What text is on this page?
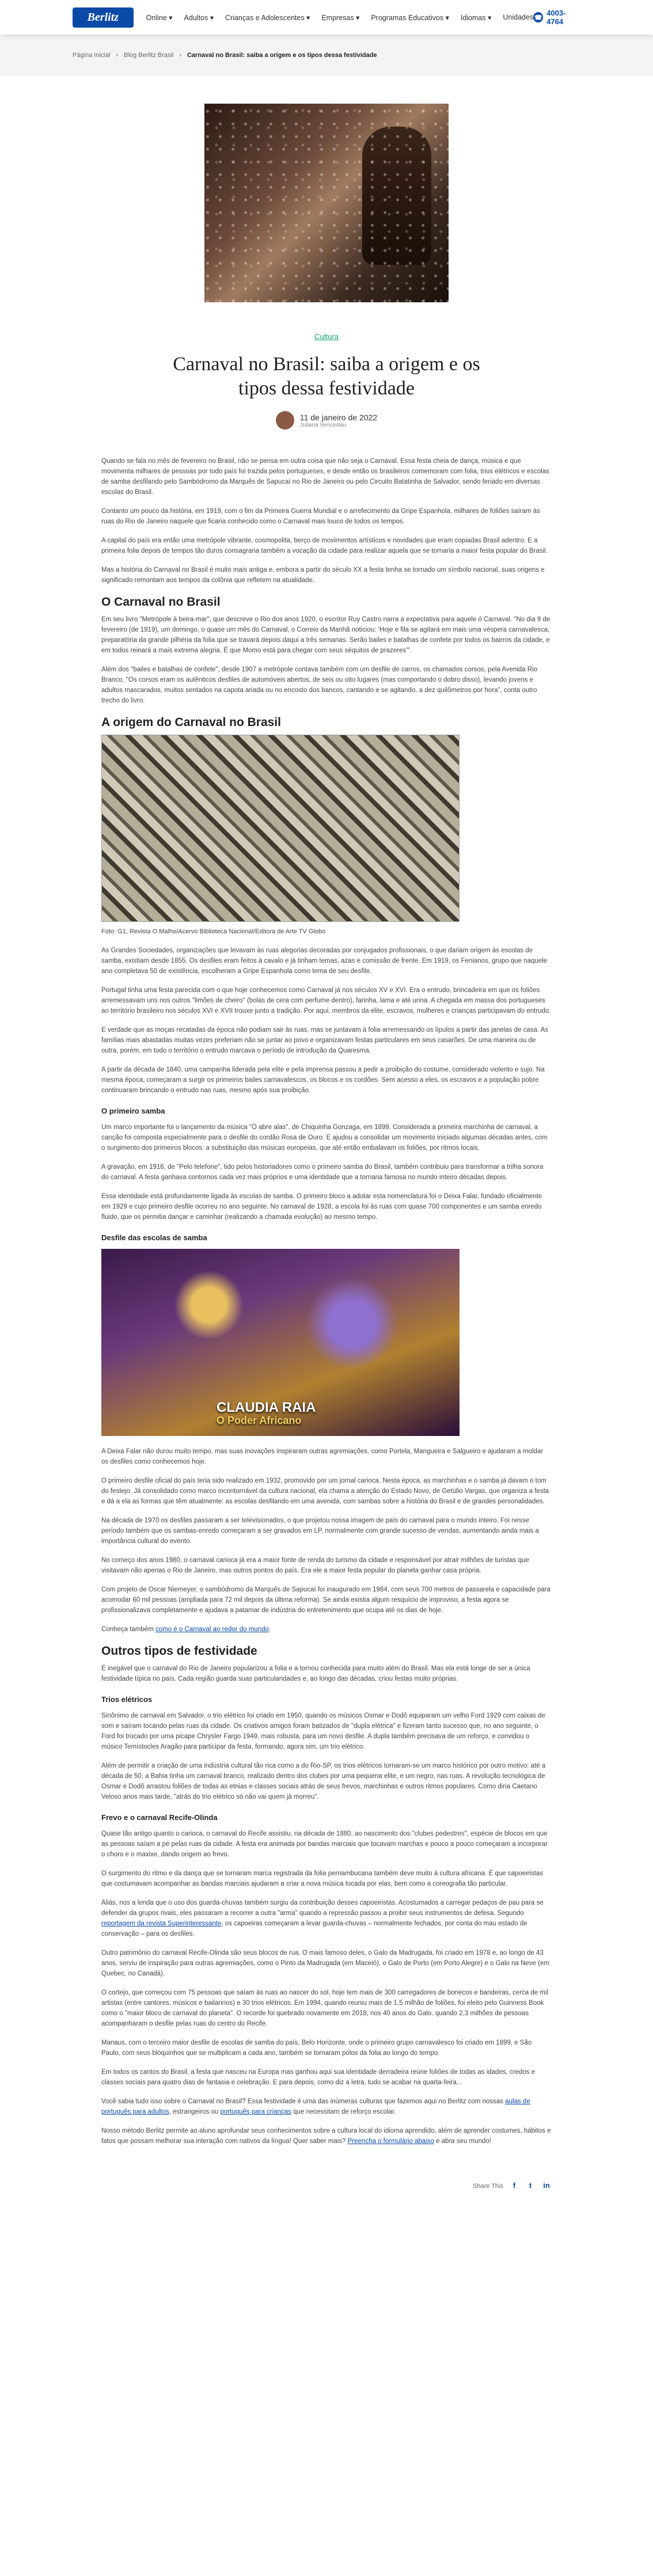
Berlitz	Online ▾ Adultos ▾ Crianças e Adolescentes ▾ Empresas ▾ Programas Educativos ▾ Idiomas ▾ Unidades ☎
4003-4764
Página Inicial › Blog Berlitz Brasil › Carnaval no Brasil: saiba a origem e os tipos dessa festividade
Cultura
Carnaval no Brasil: saiba a origem e os tipos dessa festividade
11 de janeiro de 2022
Juliana Venceslau

Quando se fala no mês de fevereiro no Brasil, não se pensa em outra coisa que não seja o Carnaval. Essa festa cheia de dança, música e que movimenta milhares de pessoas por todo país foi trazida pelos portugueses, e desde então os brasileiros comemoram com folia, trios elétricos e escolas de samba desfilando pelo Sambódromo da Marquês de Sapucaí no Rio de Janeiro ou pelo Circuito Batatinha de Salvador, sendo feriado em diversas escolas do Brasil.

Contanto um pouco da história, em 1919, com o fim da Primeira Guerra Mundial e o arrefecimento da Gripe Espanhola, milhares de foliões saíram às ruas do Rio de Janeiro naquele que ficaria conhecido como o Carnaval mais louco de todos os tempos.

A capital do país era então uma metrópole vibrante, cosmopolita, berço de movimentos artísticos e novidades que eram copiadas Brasil adentro. E a primeira folia depois de tempos tão duros consagraria também a vocação da cidade para realizar aquela que se tornaria a maior festa popular do Brasil.

Mas a história do Carnaval no Brasil é muito mais antiga e, embora a partir do século XX a festa tenha se tornado um símbolo nacional, suas origens e significado remontam aos tempos da colônia que refletem na atualidade.

O Carnaval no Brasil

Em seu livro "Metrópole à beira-mar", que descreve o Rio dos anos 1920, o escritor Ruy Castro narra a expectativa para aquele ó Carnaval. "No dia 9 de fevereiro (de 1919), um domingo, o quase um mês do Carnaval, o Correio da Manhã noticiou: 'Hoje e fila se agitará em mais uma véspera carnavalesca, preparatória da grande pilhéria da folia que se travará depois daqui a três semanas. Serão bailes e batalhas de confete por todos os bairros da cidade, e em todos reinará a mais extrema alegria. É que Momo está para chegar com seus séquitos de prazeres'".

Além dos "bailes e batalhas de confete", desde 1907 a metrópole contava também com um desfile de carros, os chamados corsos, pela Avenida Rio Branco. "Os corsos eram os autênticos desfiles de automóveis abertos, de seis ou oito lugares (mas comportando o dobro disso), levando jovens e adultos mascarados, muitos sentados na capota ariada ou no encosto dos bancos, cantando e se agitando, a dez quilômetros por hora", conta outro trecho do livro.

A origem do Carnaval no Brasil

Foto: G1, Revista O Malho/Acervo Biblioteca Nacional/Editora de Arte TV Globo

As Grandes Sociedades, organizações que levavam às ruas alegorias decoradas por conjugados profissionais, o que dariam origem às escolas de samba, existiam desde 1855. Os desfiles eram feitos à cavalo e já tinham temas, azas e comissão de frente. Em 1919, os Fenianos, grupo que naquele ano completava 50 de existência, escolheram a Gripe Espanhola como tema de seu desfile.

Portugal tinha uma festa parecida com o que hoje conhecemos como Carnaval já nos séculos XV e XVI. Era o entrudo, brincadeira em que os foliões arremessavam uns nos outros "limões de cheiro" (bolas de cera com perfume dentro), farinha, lama e até urina. A chegada em massa dos portugueses ao território brasileiro nos séculos XVI e XVII trouxe junto a tradição. Por aqui, membros da elite, escravos, mulheres e crianças participavam do entrudo.

E verdade que as moças recatadas da época não podiam sair às ruas, mas se juntavam à folia arremessando os lípulos a partir das janelas de casa. As famílias mais abastadas muitas vezes preferiam não se juntar ao povo e organizavam festas particulares em seus casarões. De uma maneira ou de outra, porém, em todo o território o entrudo marcava o período de introdução da Quaresma.

A partir da década de 1840, uma campanha liderada pela elite e pela imprensa passou a pedir a proibição do costume, considerado violento e sujo. Na mesma época, começaram a surgir os primeiros bailes carnavalescos, os blocos e os cordões. Sem acesso a eles, os escravos e a população pobre continuaram brincando o entrudo nas ruas, mesmo após sua proibição.

O primeiro samba

Um marco importante foi o lançamento da música "Ó abre alas", de Chiquinha Gonzaga, em 1899. Considerada a primeira marchinha de carnaval, a canção foi composta especialmente para o desfile do cordão Rosa de Ouro. E ajudou a consolidar um movimento iniciado algumas décadas antes, com o surgimento dos primeiros blocos: a substituição das músicas europeias, que até então embalavam os foliões, por ritmos locais.

A gravação, em 1916, de "Pelo telefone", tido pelos historiadores como o primeiro samba do Brasil, também contribuiu para transformar a trilha sonora do carnaval. A festa ganhava contornos cada vez mais próprios e uma identidade que a tornaria famosa no mundo inteiro décadas depois.

Essa identidade está profundamente ligada às escolas de samba. O primeiro bloco a adotar esta nomenclatura foi o Deixa Falar, fundado oficialmente em 1929 e cujo primeiro desfile ocorreu no ano seguinte. No carnaval de 1928, a escola foi às ruas com quase 700 componentes e um samba enredo fluido, que os permitia dançar e caminhar (realizando a chamada evolução) ao mesmo tempo.

Desfile das escolas de samba
CLAUDIA RAIA
O Poder Africano

A Deixa Falar não durou muito tempo, mas suas inovações inspiraram outras agremiações, como Portela, Mangueira e Salgueiro e ajudaram a moldar os desfiles como conhecemos hoje.

O primeiro desfile oficial do país teria sido realizado em 1932, promovido por um jornal carioca. Nesta época, as marchinhas e o samba já davam o tom do festejo. Já consolidado como marco incontornável da cultura nacional, ela chama a atenção do Estado Novo, de Getúlio Vargas, que organiza a festa e dá a ela as formas que têm atualmente: as escolas desfilando em uma avenida, com sambas sobre a história do Brasil e de grandes personalidades.

Na década de 1970 os desfiles passaram a ser televisionados, o que projetou nossa imagem de país do carnaval para o mundo inteiro. Foi nesse período também que os sambas-enredo começaram a ser gravados em LP, normalmente com grande sucesso de vendas, aumentando ainda mais a importância cultural do evento.

No começo dos anos 1980, o carnaval carioca já era a maior fonte de renda do turismo da cidade e responsável por atrair milhões de turistas que visitavam não apenas o Rio de Janeiro, mas outros pontos do país. Era ele a maior festa popular do planeta ganhar casa própria.

Com projeto de Oscar Niemeyer, o sambódromo da Marquês de Sapucaí foi inaugurado em 1984, com seus 700 metros de passarela e capacidade para acomodar 60 mil pessoas (ampliada para 72 mil depois da última reforma). Se ainda existia algum resquício de improviso, a festa agora se profissionalizava completamente e ajudava a patamar de indústria do entretenimento que ocupa até os dias de hoje.

Conheça também como é o Carnaval ao redor do mundo.

Outros tipos de festividade

É inegável que o carnaval do Rio de Janeiro popularizou a folia e a tornou conhecida para muito além do Brasil. Mas ela está longe de ser a única festividade típica no país. Cada região guarda suas particularidades e, ao longo das décadas, criou festas muito próprias.

Trios elétricos

Sinônimo de carnaval em Salvador, o trio elétrico foi criado em 1950, quando os músicos Osmar e Dodô equiparam um velho Ford 1929 com caixas de som e saíram tocando pelas ruas da cidade. Os criativos amigos foram batizados de "dupla elétrica" e fizeram tanto sucesso que, no ano seguinte, o Ford foi trocado por uma picape Chrysler Fargo 1949, mais robusta, para um novo desfile. A dupla também precisava de um reforço, e convidou o músico Temístocles Aragão para participar da festa, formando, agora sim, um trio elétrico.

Além de permitir a criação de uma indústria cultural tão rica como a do Rio-SP, os trios elétricos tornaram-se um marco histórico por outro motivo: até a década de 50, a Bahia tinha um carnaval branco, realizado dentro dos clubes por uma pequena elite, e um negro, nas ruas. A revolução tecnológica de Osmar e Dodô arrastou foliões de todas as etnias e classes sociais atrás de seus frevos, marchinhas e outros ritmos populares. Como diria Caetano Veloso anos mais tarde, "atrás do trio elétrico só não vai quem já morreu".

Frevo e o carnaval Recife-Olinda

Quase tão antigo quanto o carioca, o carnaval do Recife assistiu, na década de 1880, ao nascimento dos "clubes pedestres", espécie de blocos em que as pessoas saíam a pé pelas ruas da cidade. A festa era animada por bandas marciais que tocavam marchas e pouco a pouco começaram a incorporar o choro e o maxixe, dando origem ao frevo.

O surgimento do ritmo e da dança que se tornaram marca registrada da folia pernambucana também deve muito à cultura africana. É que capoeiristas que costumavam acompanhar as bandas marciais ajudaram a criar a nova música tocada por elas, bem como a coreografia tão particular.

Aliás, nos a lenda que o uso dos guarda-chuvas também surgiu da contribuição desses capoeiristas. Acostumados a carregar pedaços de pau para se defender da grupos rivais, eles passaram a recorrer a outra "arma" quando a repressão passou a proibir seus instrumentos de defesa. Segundo reportagem da revista Superinteressante, os capoeiras começaram a levar guarda-chuvas – normalmente fechados, por conta do mau estado de conservação – para os desfiles.

Outro patrimônio do carnaval Recife-Olinda são seus blocos de rua. O mais famoso deles, o Galo da Madrugada, foi criado em 1978 e, ao longo de 43 anos, serviu de inspiração para outras agremiações, como o Pinto da Madrugada (em Maceió), o Galo de Porto (em Porto Alegre) e o Galo na Neve (em Quebec, no Canadá).

O cortejo, que começou com 75 pessoas que saíam às ruas ao nascer do sol, hoje tem mais de 300 carregadores de bonecos e bandeiras, cerca de mil artistas (entre cantores, músicos e bailarinos) e 30 trios elétricos. Em 1994, quando reuniu mais de 1,5 milhão de foliões, foi eleito pelo Guinness Book como o "maior bloco de carnaval do planeta". O recorde foi quebrado novamente em 2018, nos 40 anos do Galo, quando 2,3 milhões de pessoas acompanharam o desfile pelas ruas do centro do Recife.

Manaus, com o terceiro maior desfile de escolas de samba do país, Belo Horizonte, onde o primeiro grupo carnavalesco foi criado em 1899, e São Paulo, com seus blóquinhos que se multiplicam a cada ano, também se tornaram pólos da folia ao longo do tempo.

Em todos os cantos do Brasil, a festa que nasceu na Europa mas ganhou aqui sua identidade derradeira reúne foliões de todas as idades, credos e classes sociais para quatro dias de fantasia e celebração. E para depois, como diz a letra, tudo se acabar na quarta-feira...

Você sabia tudo isso sobre o Carnaval no Brasil? Essa festividade é uma das inúmeras culturas que fazemos aqui no Berlitz com nossas aulas de português para adultos, estrangeiros ou português para crianças que necessitam de reforço escolar.

Nosso método Berlitz permite ao aluno aprofundar seus conhecimentos sobre a cultura local do idioma aprendido, além de aprender costumes, hábitos e fatos que possam melhorar sua interação com nativos da língua! Quer saber mais? Preencha o formulário abaixo e abra seu mundo!

Share This	f	t	in
